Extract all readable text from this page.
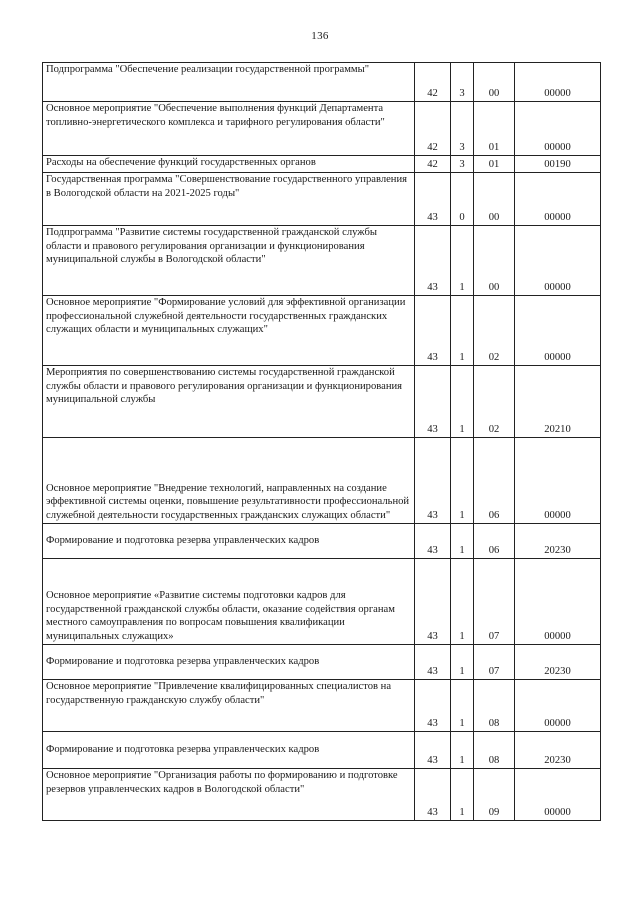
136
Подпрограмма "Обеспечение реализации государственной программы"	42	3	00	00000
Основное мероприятие "Обеспечение выполнения функций Департамента топливно-энергетического комплекса и тарифного регулирования области"	42	3	01	00000
Расходы на обеспечение функций государственных органов	42	3	01	00190
Государственная программа "Совершенствование государственного управления в Вологодской области на 2021-2025 годы"	43	0	00	00000
Подпрограмма "Развитие системы государственной гражданской службы области и правового регулирования организации и функционирования муниципальной службы в Вологодской области"	43	1	00	00000
Основное мероприятие "Формирование условий для эффективной организации профессиональной служебной деятельности государственных гражданских служащих области и муниципальных служащих"	43	1	02	00000
Мероприятия по совершенствованию системы государственной гражданской службы области и правового регулирования организации и функционирования муниципальной службы	43	1	02	20210
Основное мероприятие "Внедрение технологий, направленных на создание эффективной системы оценки, повышение результативности профессиональной служебной деятельности государственных гражданских служащих области"	43	1	06	00000
Формирование и подготовка резерва управленческих кадров	43	1	06	20230
Основное мероприятие «Развитие системы подготовки кадров для государственной гражданской службы области, оказание содействия органам местного самоуправления по вопросам повышения квалификации муниципальных служащих»	43	1	07	00000
Формирование и подготовка резерва управленческих кадров	43	1	07	20230
Основное мероприятие "Привлечение квалифицированных специалистов на государственную гражданскую службу области"	43	1	08	00000
Формирование и подготовка резерва управленческих кадров	43	1	08	20230
Основное мероприятие "Организация работы по формированию и подготовке резервов управленческих кадров в Вологодской области"	43	1	09	00000
